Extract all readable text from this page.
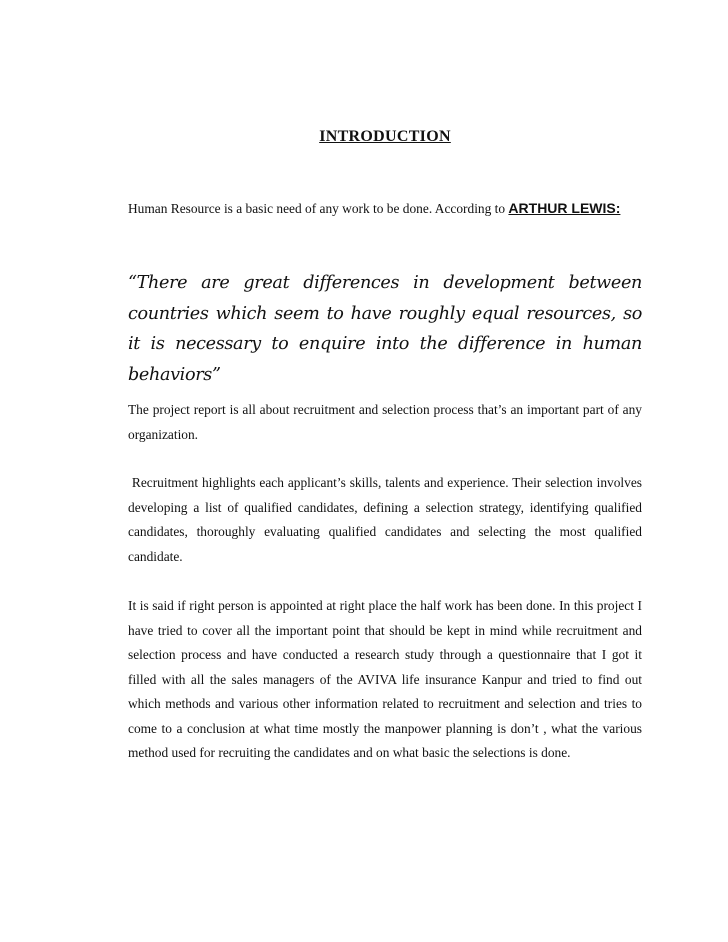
INTRODUCTION

Human Resource is a basic need of any work to be done. According to ARTHUR LEWIS:

“There are great differences in development between countries which seem to have roughly equal resources, so it is necessary to enquire into the difference in human behaviors”

The project report is all about recruitment and selection process that’s an important part of any organization.

Recruitment highlights each applicant’s skills, talents and experience. Their selection involves developing a list of qualified candidates, defining a selection strategy, identifying qualified candidates, thoroughly evaluating qualified candidates and selecting the most qualified candidate.

It is said if right person is appointed at right place the half work has been done. In this project I have tried to cover all the important point that should be kept in mind while recruitment and selection process and have conducted a research study through a questionnaire that I got it filled with all the sales managers of the AVIVA life insurance Kanpur and tried to find out which methods and various other information related to recruitment and selection and tries to come to a conclusion at what time mostly the manpower planning is don’t , what the various method used for recruiting the candidates and on what basic the selections is done.
